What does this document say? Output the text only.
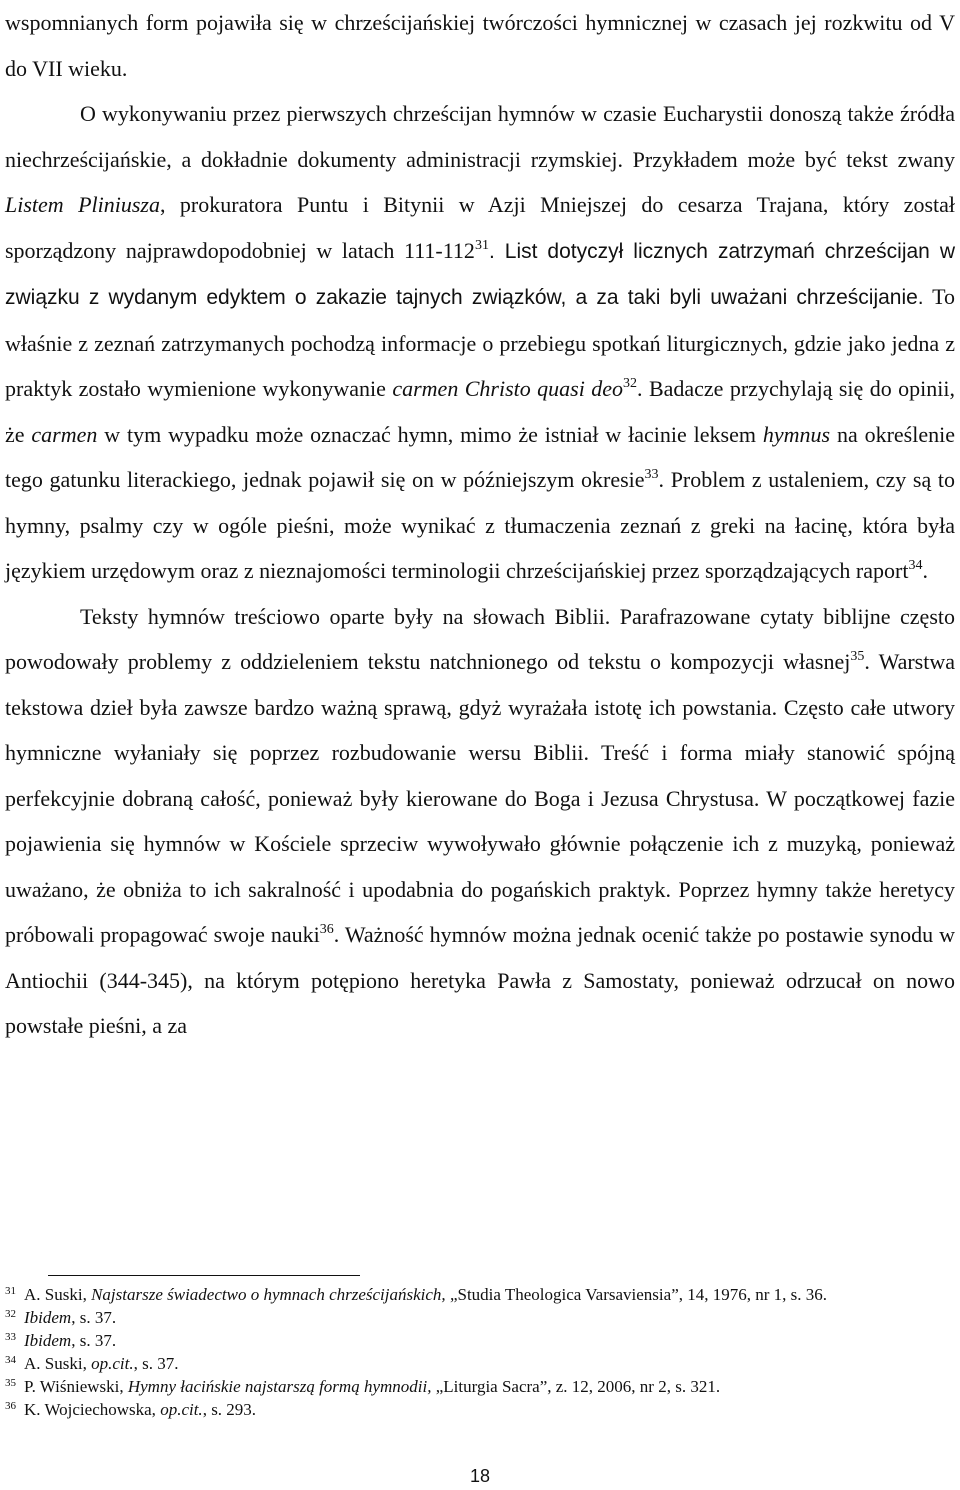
wspomnianych form pojawiła się w chrześcijańskiej twórczości hymnicznej w czasach jej rozkwitu od V do VII wieku.

O wykonywaniu przez pierwszych chrześcijan hymnów w czasie Eucharystii donoszą także źródła niechrześcijańskie, a dokładnie dokumenty administracji rzymskiej. Przykładem może być tekst zwany Listem Pliniusza, prokuratora Puntu i Bitynii w Azji Mniejszej do cesarza Trajana, który został sporządzony najprawdopodobniej w latach 111-112$^{31}$. List dotyczył licznych zatrzymań chrześcijan w związku z wydanym edyktem o zakazie tajnych związków, a za taki byli uważani chrześcijanie. To właśnie z zeznań zatrzymanych pochodzą informacje o przebiegu spotkań liturgicznych, gdzie jako jedna z praktyk zostało wymienione wykonywanie carmen Christo quasi deo$^{32}$. Badacze przychylają się do opinii, że carmen w tym wypadku może oznaczać hymn, mimo że istniał w łacinie leksem hymnus na określenie tego gatunku literackiego, jednak pojawił się on w późniejszym okresie$^{33}$. Problem z ustaleniem, czy są to hymny, psalmy czy w ogóle pieśni, może wynikać z tłumaczenia zeznań z greki na łacinę, która była językiem urzędowym oraz z nieznajomości terminologii chrześcijańskiej przez sporządzających raport$^{34}$.

Teksty hymnów treściowo oparte były na słowach Biblii. Parafrazowane cytaty biblijne często powodowały problemy z oddzieleniem tekstu natchnionego od tekstu o kompozycji własnej$^{35}$. Warstwa tekstowa dzieł była zawsze bardzo ważną sprawą, gdyż wyrażała istotę ich powstania. Często całe utwory hymniczne wyłaniały się poprzez rozbudowanie wersu Biblii. Treść i forma miały stanowić spójną perfekcyjnie dobraną całość, ponieważ były kierowane do Boga i Jezusa Chrystusa. W początkowej fazie pojawienia się hymnów w Kościele sprzeciw wywoływało głównie połączenie ich z muzyką, ponieważ uważano, że obniża to ich sakralność i upodabnia do pogańskich praktyk. Poprzez hymny także heretycy próbowali propagować swoje nauki$^{36}$. Ważność hymnów można jednak ocenić także po postawie synodu w Antiochii (344-345), na którym potępiono heretyka Pawła z Samostaty, ponieważ odrzucał on nowo powstałe pieśni, a za

$^{31}$ A. Suski, Najstarsze świadectwo o hymnach chrześcijańskich, „Studia Theologica Varsaviensia”, 14, 1976, nr 1, s. 36.

$^{32}$ Ibidem, s. 37.

$^{33}$ Ibidem, s. 37.

$^{34}$ A. Suski, op.cit., s. 37.

$^{35}$ P. Wiśniewski, Hymny łacińskie najstarszą formą hymnodii, „Liturgia Sacra”, z. 12, 2006, nr 2, s. 321.

$^{36}$ K. Wojciechowska, op.cit., s. 293.

18
